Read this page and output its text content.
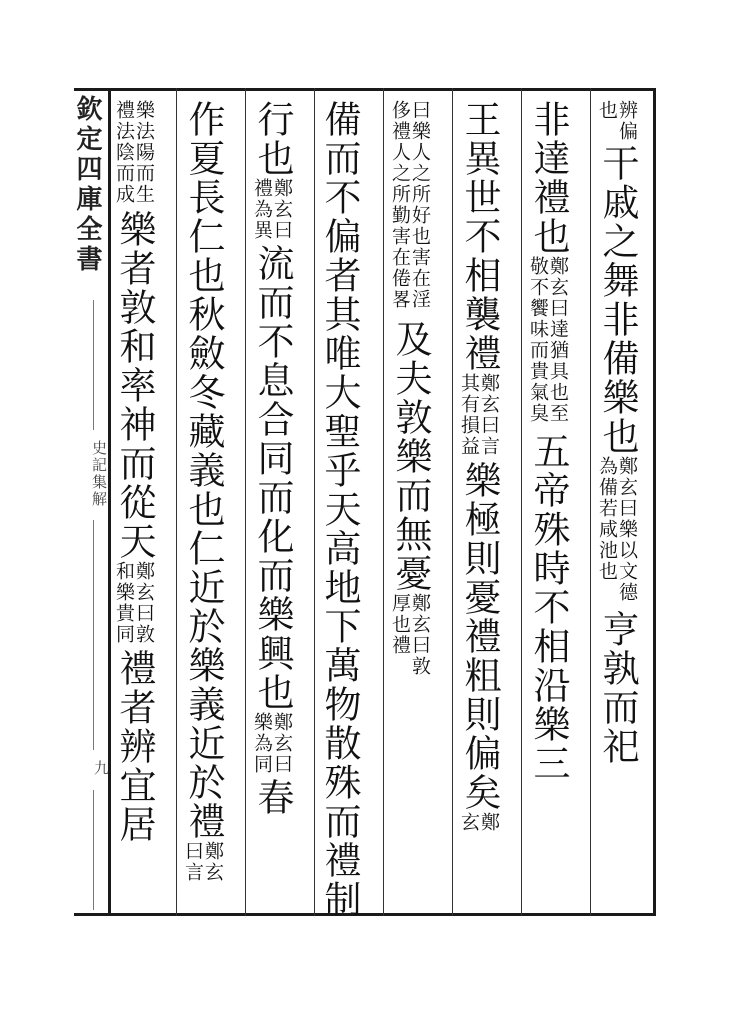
欽定四庫全書
史記集解
九
辨偏也干戚之舞非備樂也鄭玄曰樂以文德為備若咸池也亨孰而祀
非達禮也鄭玄曰達猶具也至敬不饗味而貴氣臭五帝殊時不相沿樂三
王異世不相襲禮鄭玄曰言其有損益樂極則憂禮粗則偏矣鄭玄
曰樂人之所好也害在淫侈禮人之所勤害在倦畧及夫敦樂而無憂鄭玄曰敦厚也禮
備而不偏者其唯大聖乎天高地下萬物散殊而禮制
行也鄭玄曰禮為異流而不息合同而化而樂興也鄭玄曰樂為同春
作夏長仁也秋斂冬藏義也仁近於樂義近於禮鄭玄曰言
樂法陽而生禮法陰而成樂者敦和率神而從天鄭玄曰敦和樂貴同禮者辨宜居
